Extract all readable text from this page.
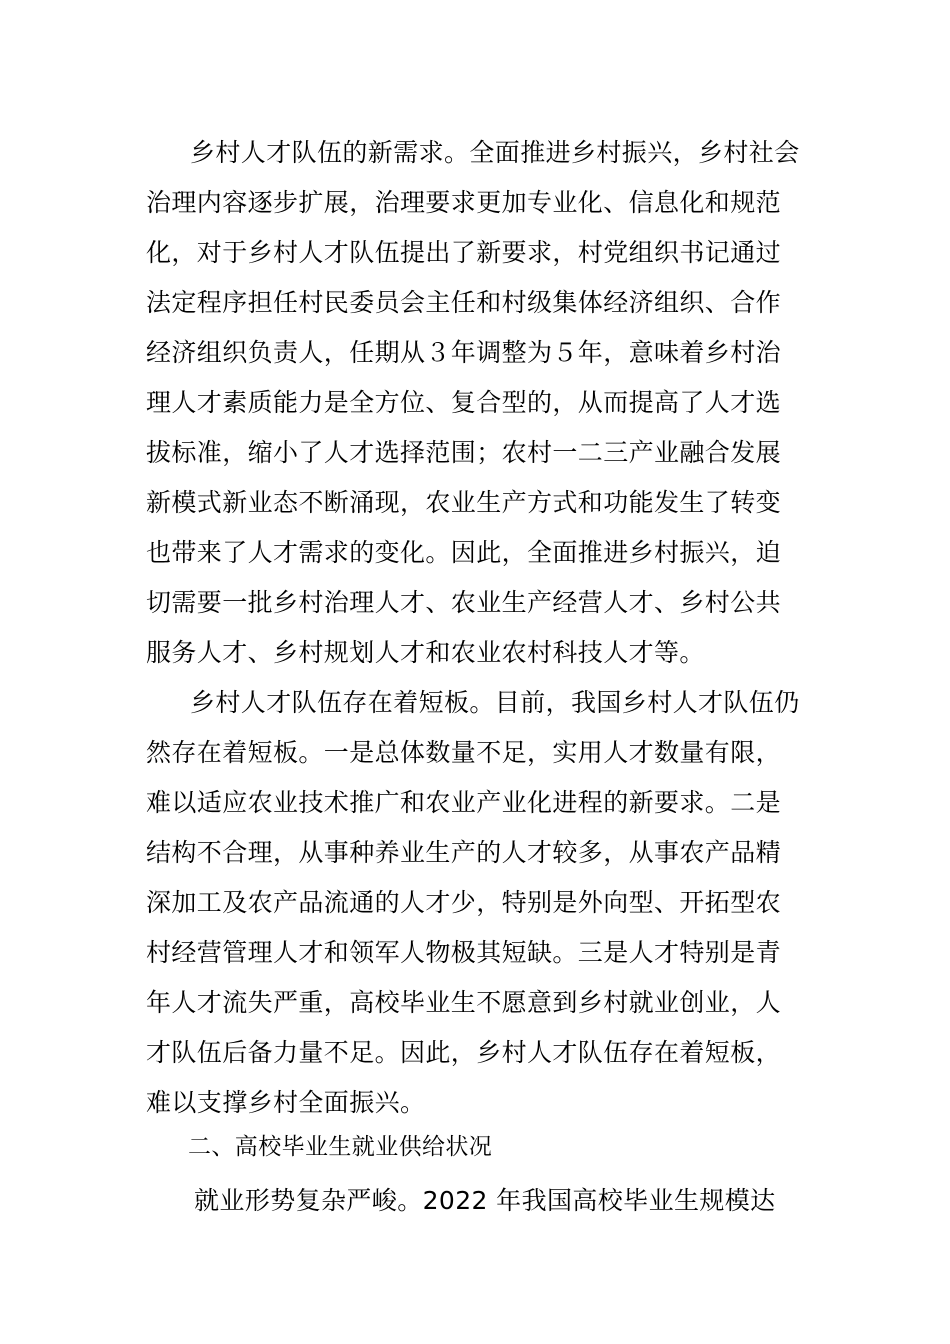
乡村人才队伍的新需求。全面推进乡村振兴，乡村社会
治理内容逐步扩展，治理要求更加专业化、信息化和规范
化，对于乡村人才队伍提出了新要求，村党组织书记通过
法定程序担任村民委员会主任和村级集体经济组织、合作
经济组织负责人，任期从３年调整为５年，意味着乡村治
理人才素质能力是全方位、复合型的，从而提高了人才选
拔标准，缩小了人才选择范围；农村一二三产业融合发展
新模式新业态不断涌现，农业生产方式和功能发生了转变
也带来了人才需求的变化。因此，全面推进乡村振兴，迫
切需要一批乡村治理人才、农业生产经营人才、乡村公共
服务人才、乡村规划人才和农业农村科技人才等。
乡村人才队伍存在着短板。目前，我国乡村人才队伍仍
然存在着短板。一是总体数量不足，实用人才数量有限，
难以适应农业技术推广和农业产业化进程的新要求。二是
结构不合理，从事种养业生产的人才较多，从事农产品精
深加工及农产品流通的人才少，特别是外向型、开拓型农
村经营管理人才和领军人物极其短缺。三是人才特别是青
年人才流失严重，高校毕业生不愿意到乡村就业创业，人
才队伍后备力量不足。因此，乡村人才队伍存在着短板，
难以支撑乡村全面振兴。
二、高校毕业生就业供给状况
就业形势复杂严峻。2022 年我国高校毕业生规模达
